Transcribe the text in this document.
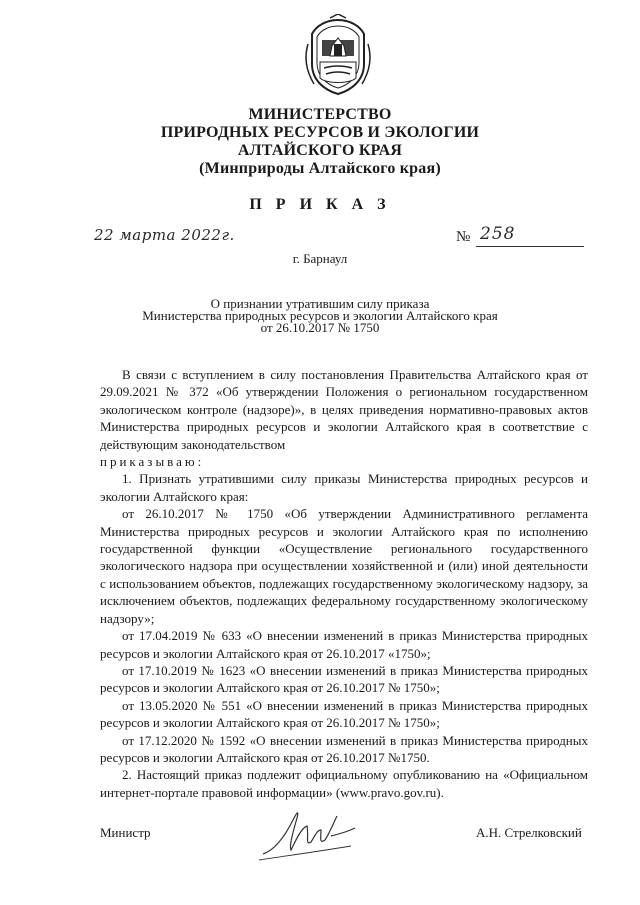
МИНИСТЕРСТВО
ПРИРОДНЫХ РЕСУРСОВ И ЭКОЛОГИИ
АЛТАЙСКОГО КРАЯ
(Минприроды Алтайского края)
П Р И К А З
22 марта 2022г.	№ 258
г. Барнаул
О признании утратившим силу приказа
Министерства природных ресурсов и экологии Алтайского края
от 26.10.2017 № 1750

В связи с вступлением в силу постановления Правительства Алтайского края от 29.09.2021 № 372 «Об утверждении Положения о региональном государственном экологическом контроле (надзоре)», в целях приведения нормативно-правовых актов Министерства природных ресурсов и экологии Алтайского края в соответствие с действующим законодательством

приказываю:

1. Признать утратившими силу приказы Министерства природных ресурсов и экологии Алтайского края:

от 26.10.2017 № 1750 «Об утверждении Административного регламента Министерства природных ресурсов и экологии Алтайского края по исполнению государственной функции «Осуществление регионального государственного экологического надзора при осуществлении хозяйственной и (или) иной деятельности с использованием объектов, подлежащих государственному экологическому надзору, за исключением объектов, подлежащих федеральному государственному экологическому надзору»;

от 17.04.2019 № 633 «О внесении изменений в приказ Министерства природных ресурсов и экологии Алтайского края от 26.10.2017 «1750»;

от 17.10.2019 № 1623 «О внесении изменений в приказ Министерства природных ресурсов и экологии Алтайского края от 26.10.2017 № 1750»;

от 13.05.2020 № 551 «О внесении изменений в приказ Министерства природных ресурсов и экологии Алтайского края от 26.10.2017 № 1750»;

от 17.12.2020 № 1592 «О внесении изменений в приказ Министерства природных ресурсов и экологии Алтайского края от 26.10.2017 №1750.

2. Настоящий приказ подлежит официальному опубликованию на «Официальном интернет-портале правовой информации» (www.pravo.gov.ru).

Министр	А.Н. Стрелковский
